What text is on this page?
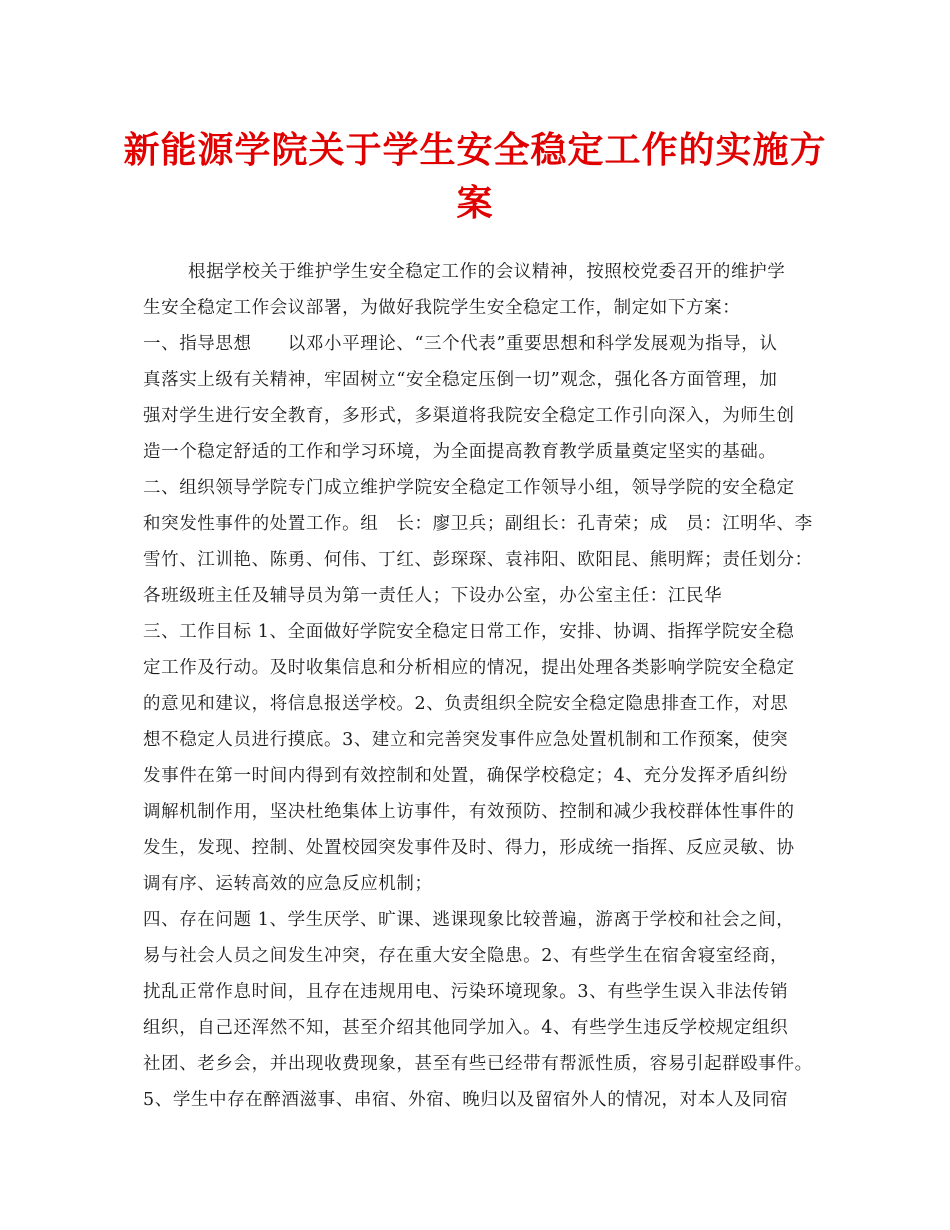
新能源学院关于学生安全稳定工作的实施方
案
根据学校关于维护学生安全稳定工作的会议精神，按照校党委召开的维护学
生安全稳定工作会议部署，为做好我院学生安全稳定工作，制定如下方案：
一、指导思想　　以邓小平理论、“三个代表”重要思想和科学发展观为指导，认
真落实上级有关精神，牢固树立“安全稳定压倒一切”观念，强化各方面管理，加
强对学生进行安全教育，多形式，多渠道将我院安全稳定工作引向深入，为师生创
造一个稳定舒适的工作和学习环境，为全面提高教育教学质量奠定坚实的基础。
二、组织领导学院专门成立维护学院安全稳定工作领导小组，领导学院的安全稳定
和突发性事件的处置工作。组　长：廖卫兵；副组长：孔青荣；成　员：江明华、李
雪竹、江训艳、陈勇、何伟、丁红、彭琛琛、袁祎阳、欧阳昆、熊明辉；责任划分：
各班级班主任及辅导员为第一责任人；下设办公室，办公室主任：江民华
三、工作目标 1、全面做好学院安全稳定日常工作，安排、协调、指挥学院安全稳
定工作及行动。及时收集信息和分析相应的情况，提出处理各类影响学院安全稳定
的意见和建议，将信息报送学校。2、负责组织全院安全稳定隐患排查工作，对思
想不稳定人员进行摸底。3、建立和完善突发事件应急处置机制和工作预案，使突
发事件在第一时间内得到有效控制和处置，确保学校稳定；4、充分发挥矛盾纠纷
调解机制作用，坚决杜绝集体上访事件，有效预防、控制和减少我校群体性事件的
发生，发现、控制、处置校园突发事件及时、得力，形成统一指挥、反应灵敏、协
调有序、运转高效的应急反应机制；
四、存在问题 1、学生厌学、旷课、逃课现象比较普遍，游离于学校和社会之间，
易与社会人员之间发生冲突，存在重大安全隐患。2、有些学生在宿舍寝室经商，
扰乱正常作息时间，且存在违规用电、污染环境现象。3、有些学生误入非法传销
组织，自己还浑然不知，甚至介绍其他同学加入。4、有些学生违反学校规定组织
社团、老乡会，并出现收费现象，甚至有些已经带有帮派性质，容易引起群殴事件。
5、学生中存在醉酒滋事、串宿、外宿、晚归以及留宿外人的情况，对本人及同宿
